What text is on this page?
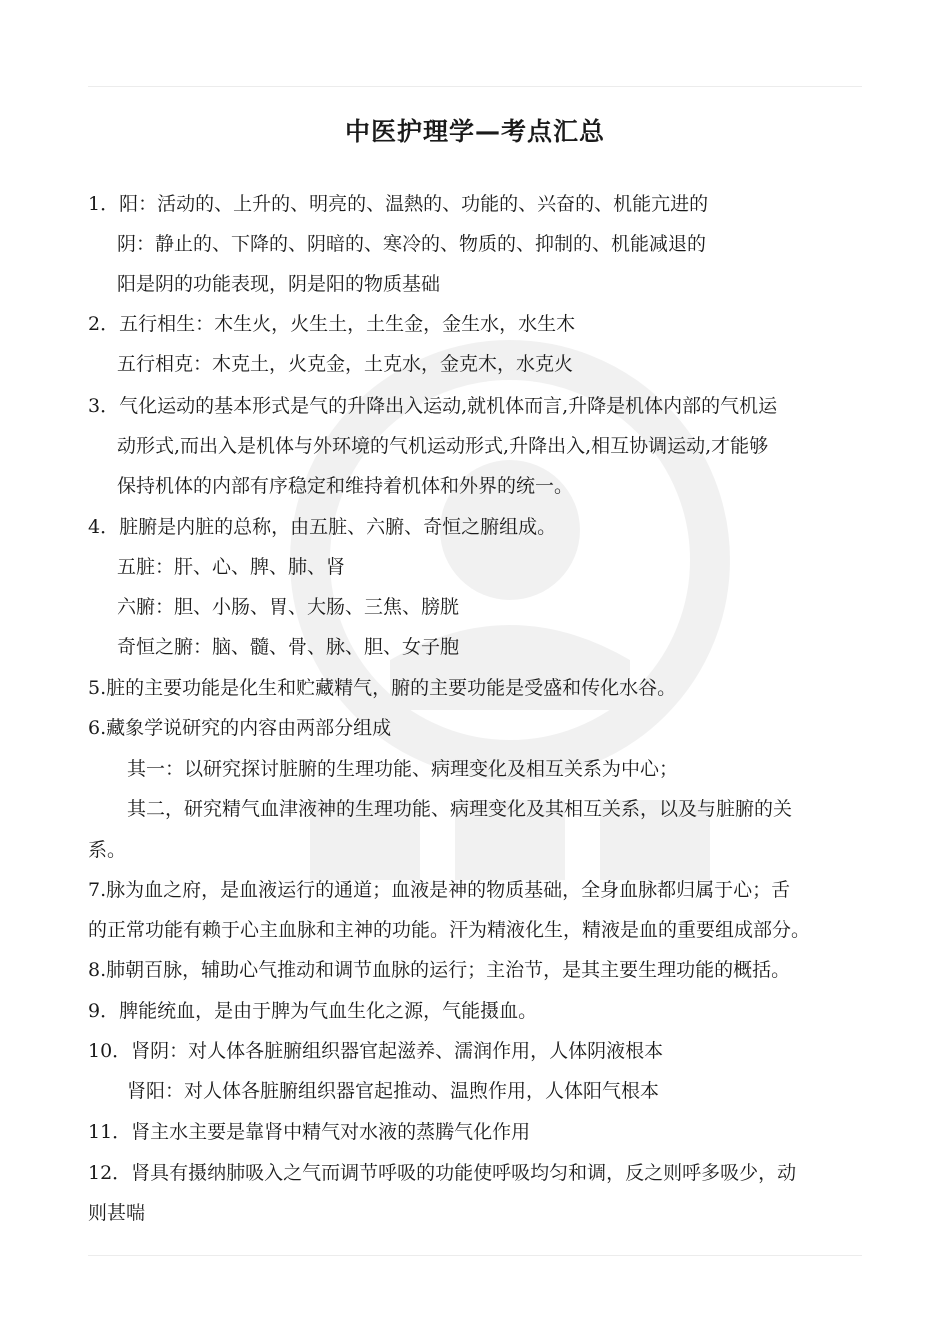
中医护理学—考点汇总
1．阳：活动的、上升的、明亮的、温熱的、功能的、兴奋的、机能亢进的
阴：静止的、下降的、阴暗的、寒冷的、物质的、抑制的、机能减退的
阳是阴的功能表现，阴是阳的物质基础
2．五行相生：木生火，火生土，土生金，金生水，水生木
五行相克：木克土，火克金，土克水，金克木，水克火
3．气化运动的基本形式是气的升降出入运动,就机体而言,升降是机体内部的气机运
动形式,而出入是机体与外环境的气机运动形式,升降出入,相互协调运动,才能够
保持机体的内部有序稳定和维持着机体和外界的统一。
4．脏腑是内脏的总称，由五脏、六腑、奇恒之腑组成。
五脏：肝、心、脾、肺、肾
六腑：胆、小肠、胃、大肠、三焦、膀胱
奇恒之腑：脑、髓、骨、脉、胆、女子胞
5.脏的主要功能是化生和贮藏精气，腑的主要功能是受盛和传化水谷。
6.藏象学说研究的内容由两部分组成
其一：以研究探讨脏腑的生理功能、病理变化及相互关系为中心；
其二，研究精气血津液神的生理功能、病理变化及其相互关系，以及与脏腑的关
系。
7.脉为血之府，是血液运行的通道；血液是神的物质基础，全身血脉都归属于心；舌
的正常功能有赖于心主血脉和主神的功能。汗为精液化生，精液是血的重要组成部分。
8.肺朝百脉，辅助心气推动和调节血脉的运行；主治节，是其主要生理功能的概括。
9．脾能统血，是由于脾为气血生化之源，气能摄血。
10．肾阴：对人体各脏腑组织器官起滋养、濡润作用，人体阴液根本
肾阳：对人体各脏腑组织器官起推动、温煦作用，人体阳气根本
11．肾主水主要是靠肾中精气对水液的蒸腾气化作用
12．肾具有摄纳肺吸入之气而调节呼吸的功能使呼吸均匀和调，反之则呼多吸少，动
则甚喘
